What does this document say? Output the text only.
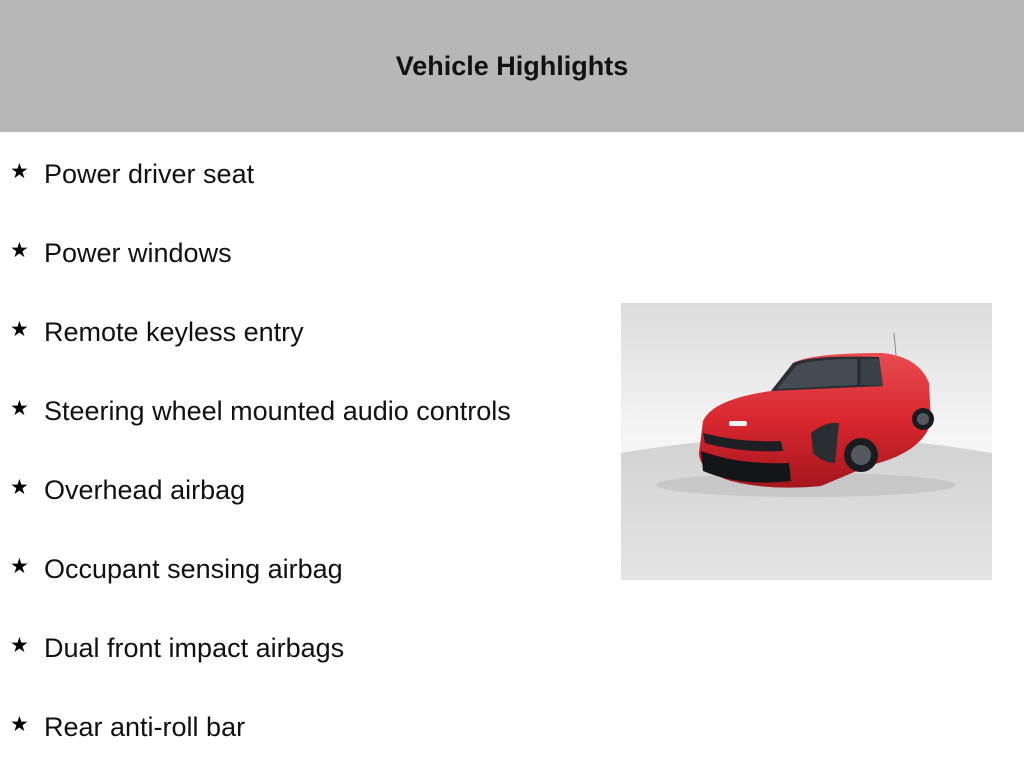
Vehicle Highlights
★ Power driver seat
★ Power windows
★ Remote keyless entry
★ Steering wheel mounted audio controls
★ Overhead airbag
★ Occupant sensing airbag
★ Dual front impact airbags
★ Rear anti-roll bar
